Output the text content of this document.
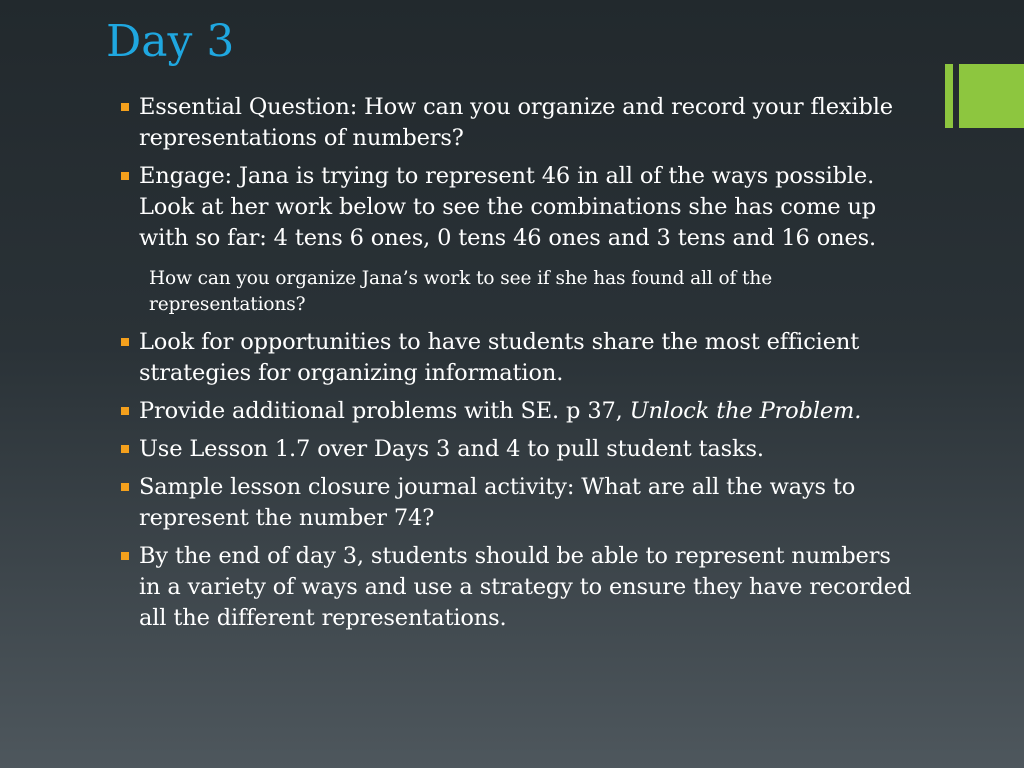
Day 3
Essential Question: How can you organize and record your flexible representations of numbers?
Engage: Jana is trying to represent 46 in all of the ways possible. Look at her work below to see the combinations she has come up with so far: 4 tens 6 ones, 0 tens 46 ones and 3 tens and 16 ones.
How can you organize Jana’s work to see if she has found all of the representations?
Look for opportunities to have students share the most efficient strategies for organizing information.
Provide additional problems with SE. p 37, Unlock the Problem.
Use Lesson 1.7 over Days 3 and 4 to pull student tasks.
Sample lesson closure journal activity: What are all the ways to represent the number 74?
By the end of day 3, students should be able to represent numbers in a variety of ways and use a strategy to ensure they have recorded all the different representations.
